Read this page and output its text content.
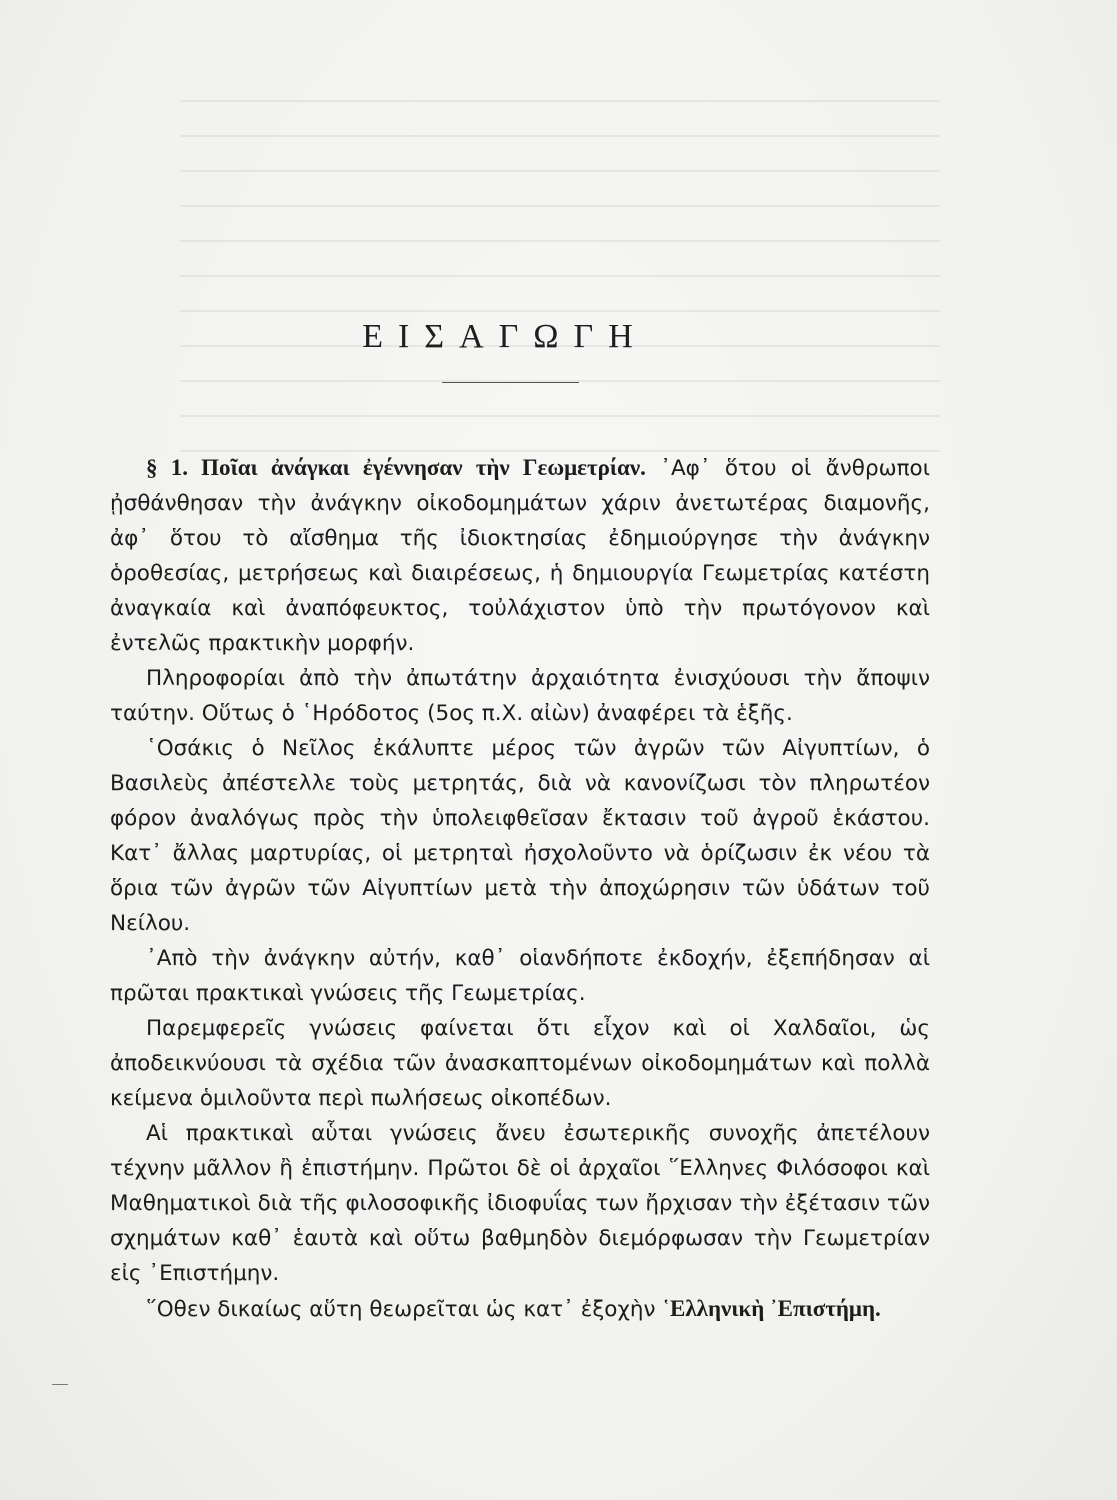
ΕΙΣΑΓΩΓΗ

§ 1. Ποῖαι ἀνάγκαι ἐγέννησαν τὴν Γεωμετρίαν. ᾿Αφ᾿ ὅτου οἱ ἄνθρωποι ᾐσθάνθησαν τὴν ἀνάγκην οἰκοδομημάτων χάριν ἀνετωτέρας διαμονῆς, ἀφ᾿ ὅτου τὸ αἴσθημα τῆς ἰδιοκτησίας ἐδημιούργησε τὴν ἀνάγκην ὁροθεσίας, μετρήσεως καὶ διαιρέσεως, ἡ δημιουργία Γεωμετρίας κατέστη ἀναγκαία καὶ ἀναπόφευκτος, τοὐλάχιστον ὑπὸ τὴν πρωτόγονον καὶ ἐντελῶς πρακτικὴν μορφήν.

Πληροφορίαι ἀπὸ τὴν ἀπωτάτην ἀρχαιότητα ἐνισχύουσι τὴν ἄποψιν ταύτην. Οὕτως ὁ ῾Ηρόδοτος (5ος π.Χ. αἰὼν) ἀναφέρει τὰ ἑξῆς.

῾Οσάκις ὁ Νεῖλος ἐκάλυπτε μέρος τῶν ἀγρῶν τῶν Αἰγυπτίων, ὁ Βασιλεὺς ἀπέστελλε τοὺς μετρητάς, διὰ νὰ κανονίζωσι τὸν πληρωτέον φόρον ἀναλόγως πρὸς τὴν ὑπολειφθεῖσαν ἔκτασιν τοῦ ἀγροῦ ἑκάστου. Κατ᾿ ἄλλας μαρτυρίας, οἱ μετρηταὶ ἠσχολοῦντο νὰ ὁρίζωσιν ἐκ νέου τὰ ὅρια τῶν ἀγρῶν τῶν Αἰγυπτίων μετὰ τὴν ἀποχώρησιν τῶν ὑδάτων τοῦ Νείλου.

᾿Απὸ τὴν ἀνάγκην αὐτήν, καθ᾿ οἱανδήποτε ἐκδοχήν, ἐξεπήδησαν αἱ πρῶται πρακτικαὶ γνώσεις τῆς Γεωμετρίας.

Παρεμφερεῖς γνώσεις φαίνεται ὅτι εἶχον καὶ οἱ Χαλδαῖοι, ὡς ἀποδεικνύουσι τὰ σχέδια τῶν ἀνασκαπτομένων οἰκοδομημάτων καὶ πολλὰ κείμενα ὁμιλοῦντα περὶ πωλήσεως οἰκοπέδων.

Αἱ πρακτικαὶ αὗται γνώσεις ἄνευ ἐσωτερικῆς συνοχῆς ἀπετέλουν τέχνην μᾶλλον ἢ ἐπιστήμην. Πρῶτοι δὲ οἱ ἀρχαῖοι ῞Ελληνες Φιλόσοφοι καὶ Μαθηματικοὶ διὰ τῆς φιλοσοφικῆς ἰδιοφυΐας των ἤρχισαν τὴν ἐξέτασιν τῶν σχημάτων καθ᾿ ἑαυτὰ καὶ οὕτω βαθμηδὸν διεμόρφωσαν τὴν Γεωμετρίαν εἰς ᾿Επιστήμην.

῞Οθεν δικαίως αὕτη θεωρεῖται ὡς κατ᾿ ἐξοχὴν ῾Ελληνικὴ ᾿Επιστήμη.
